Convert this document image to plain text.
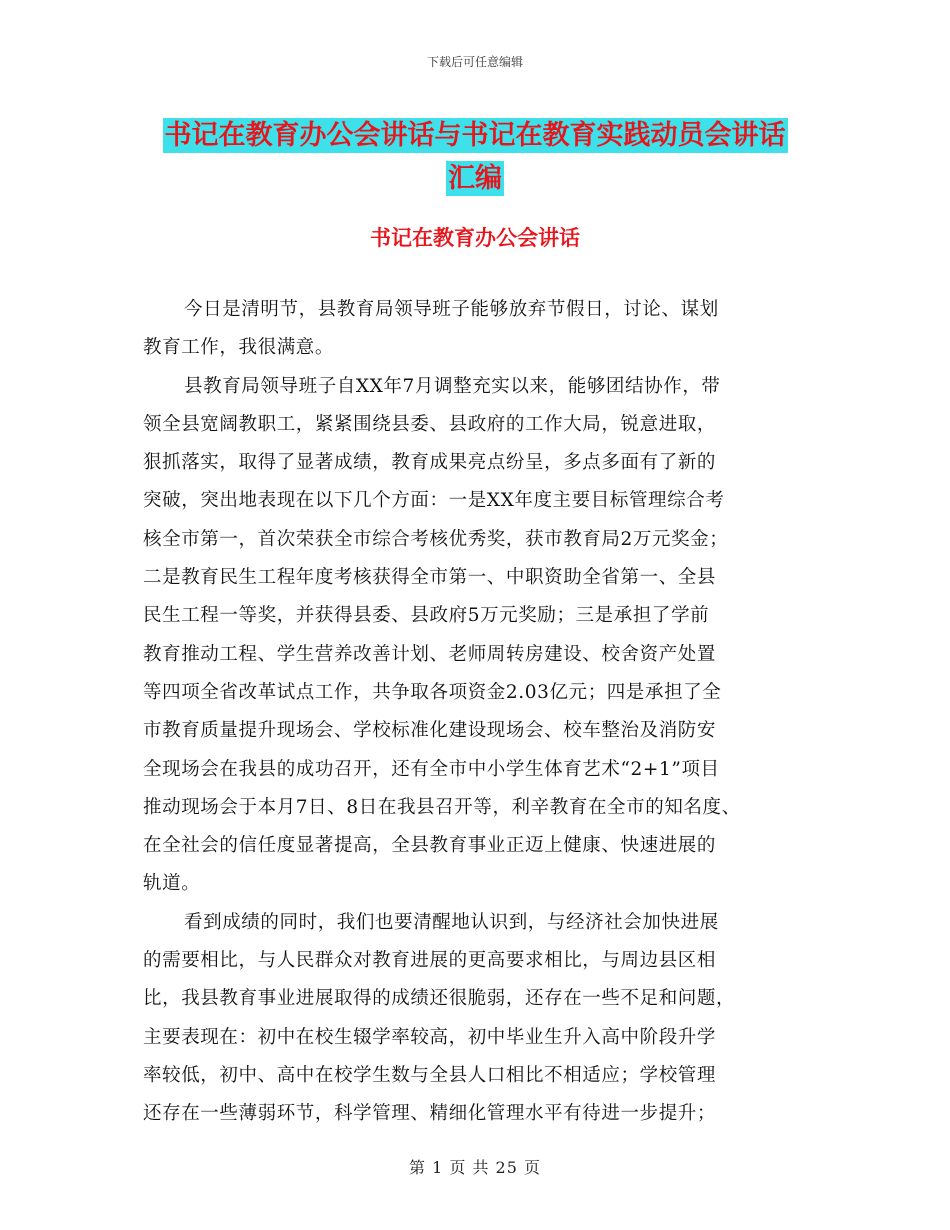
下载后可任意编辑
书记在教育办公会讲话与书记在教育实践动员会讲话
汇编
书记在教育办公会讲话

今日是清明节，县教育局领导班子能够放弃节假日，讨论、谋划
教育工作，我很满意。

县教育局领导班子自XX年7月调整充实以来，能够团结协作，带
领全县宽阔教职工，紧紧围绕县委、县政府的工作大局，锐意进取，
狠抓落实，取得了显著成绩，教育成果亮点纷呈，多点多面有了新的
突破，突出地表现在以下几个方面：一是XX年度主要目标管理综合考
核全市第一，首次荣获全市综合考核优秀奖，获市教育局2万元奖金；
二是教育民生工程年度考核获得全市第一、中职资助全省第一、全县
民生工程一等奖，并获得县委、县政府5万元奖励；三是承担了学前
教育推动工程、学生营养改善计划、老师周转房建设、校舍资产处置
等四项全省改革试点工作，共争取各项资金2.03亿元；四是承担了全
市教育质量提升现场会、学校标准化建设现场会、校车整治及消防安
全现场会在我县的成功召开，还有全市中小学生体育艺术“2+1”项目
推动现场会于本月7日、8日在我县召开等，利辛教育在全市的知名度、
在全社会的信任度显著提高，全县教育事业正迈上健康、快速进展的
轨道。

看到成绩的同时，我们也要清醒地认识到，与经济社会加快进展
的需要相比，与人民群众对教育进展的更高要求相比，与周边县区相
比，我县教育事业进展取得的成绩还很脆弱，还存在一些不足和问题，
主要表现在：初中在校生辍学率较高，初中毕业生升入高中阶段升学
率较低，初中、高中在校学生数与全县人口相比不相适应；学校管理
还存在一些薄弱环节，科学管理、精细化管理水平有待进一步提升；

第 1 页 共 25 页
